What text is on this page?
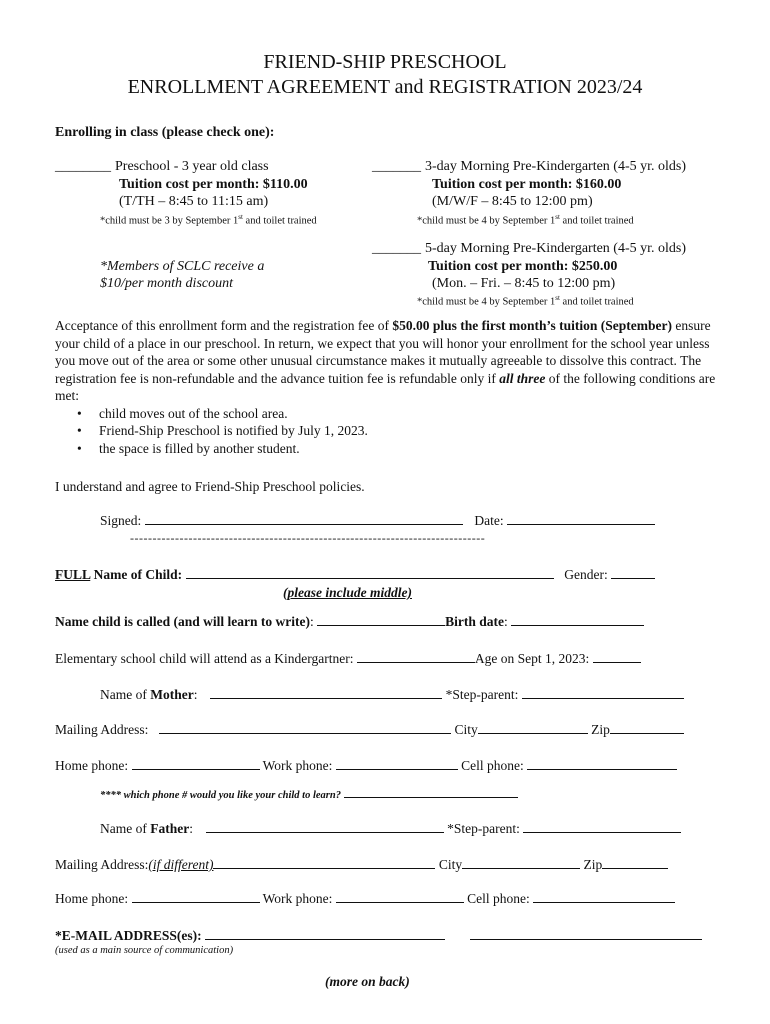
FRIEND-SHIP PRESCHOOL
ENROLLMENT AGREEMENT and REGISTRATION 2023/24
Enrolling in class (please check one):
________ Preschool - 3 year old class
Tuition cost per month: $110.00
(T/TH – 8:45 to 11:15 am)
*child must be 3 by September 1st and toilet trained
_______ 3-day Morning Pre-Kindergarten (4-5 yr. olds)
Tuition cost per month: $160.00
(M/W/F – 8:45 to 12:00 pm)
*child must be 4 by September 1st and toilet trained
_______ 5-day Morning Pre-Kindergarten (4-5 yr. olds)
Tuition cost per month: $250.00
(Mon. – Fri. – 8:45 to 12:00 pm)
*child must be 4 by September 1st and toilet trained
*Members of SCLC receive a
$10/per month discount

Acceptance of this enrollment form and the registration fee of $50.00 plus the first month’s tuition (September) ensure your child of a place in our preschool. In return, we expect that you will honor your enrollment for the school year unless you move out of the area or some other unusual circumstance makes it mutually agreeable to dissolve this contract. The registration fee is non-refundable and the advance tuition fee is refundable only if all three of the following conditions are met:

• child moves out of the school area.
• Friend-Ship Preschool is notified by July 1, 2023.
• the space is filled by another student.
I understand and agree to Friend-Ship Preschool policies.
Signed:	Date:
-------------------------------------------------------------------------------
FULL Name of Child:	Gender:
(please include middle)
Name child is called (and will learn to write):	Birth date:
Elementary school child will attend as a Kindergartner:	Age on Sept 1, 2023:
Name of Mother:	*Step-parent:
Mailing Address:	City	Zip
Home phone:	Work phone:	Cell phone:
**** which phone # would you like your child to learn?
Name of Father:	*Step-parent:
Mailing Address:(if different)	City	Zip
Home phone:	Work phone:	Cell phone:
*E-MAIL ADDRESS(es):
(used as a main source of communication)
(more on back)
